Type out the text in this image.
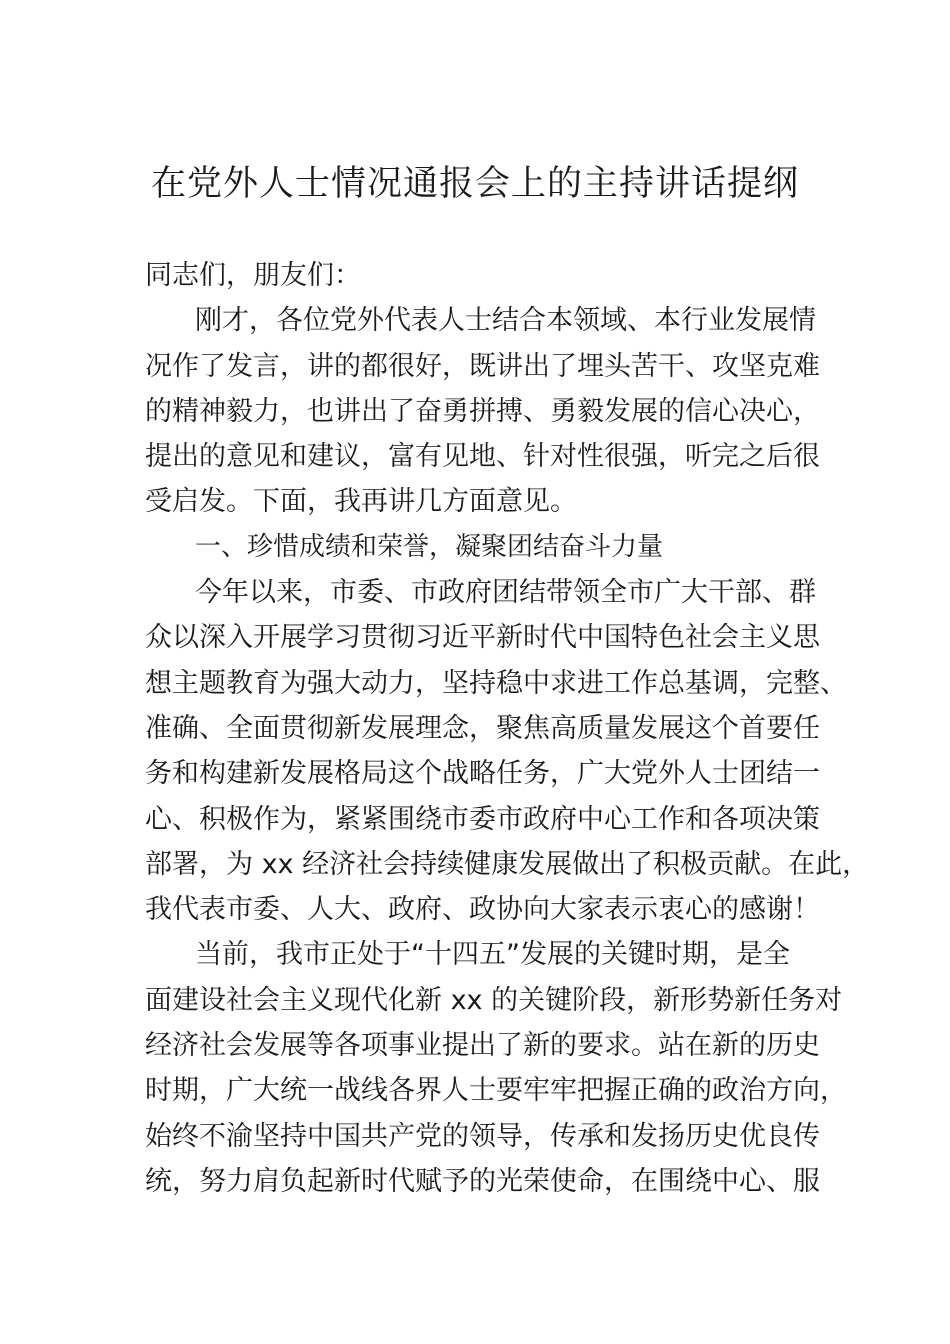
在党外人士情况通报会上的主持讲话提纲
同志们，朋友们：
刚才，各位党外代表人士结合本领域、本行业发展情
况作了发言，讲的都很好，既讲出了埋头苦干、攻坚克难
的精神毅力，也讲出了奋勇拼搏、勇毅发展的信心决心，
提出的意见和建议，富有见地、针对性很强，听完之后很
受启发。下面，我再讲几方面意见。
一、珍惜成绩和荣誉，凝聚团结奋斗力量
今年以来，市委、市政府团结带领全市广大干部、群
众以深入开展学习贯彻习近平新时代中国特色社会主义思
想主题教育为强大动力，坚持稳中求进工作总基调，完整、
准确、全面贯彻新发展理念，聚焦高质量发展这个首要任
务和构建新发展格局这个战略任务，广大党外人士团结一
心、积极作为，紧紧围绕市委市政府中心工作和各项决策
部署，为 xx 经济社会持续健康发展做出了积极贡献。在此，
我代表市委、人大、政府、政协向大家表示衷心的感谢！
当前，我市正处于“十四五”发展的关键时期，是全
面建设社会主义现代化新 xx 的关键阶段，新形势新任务对
经济社会发展等各项事业提出了新的要求。站在新的历史
时期，广大统一战线各界人士要牢牢把握正确的政治方向，
始终不渝坚持中国共产党的领导，传承和发扬历史优良传
统，努力肩负起新时代赋予的光荣使命，在围绕中心、服
